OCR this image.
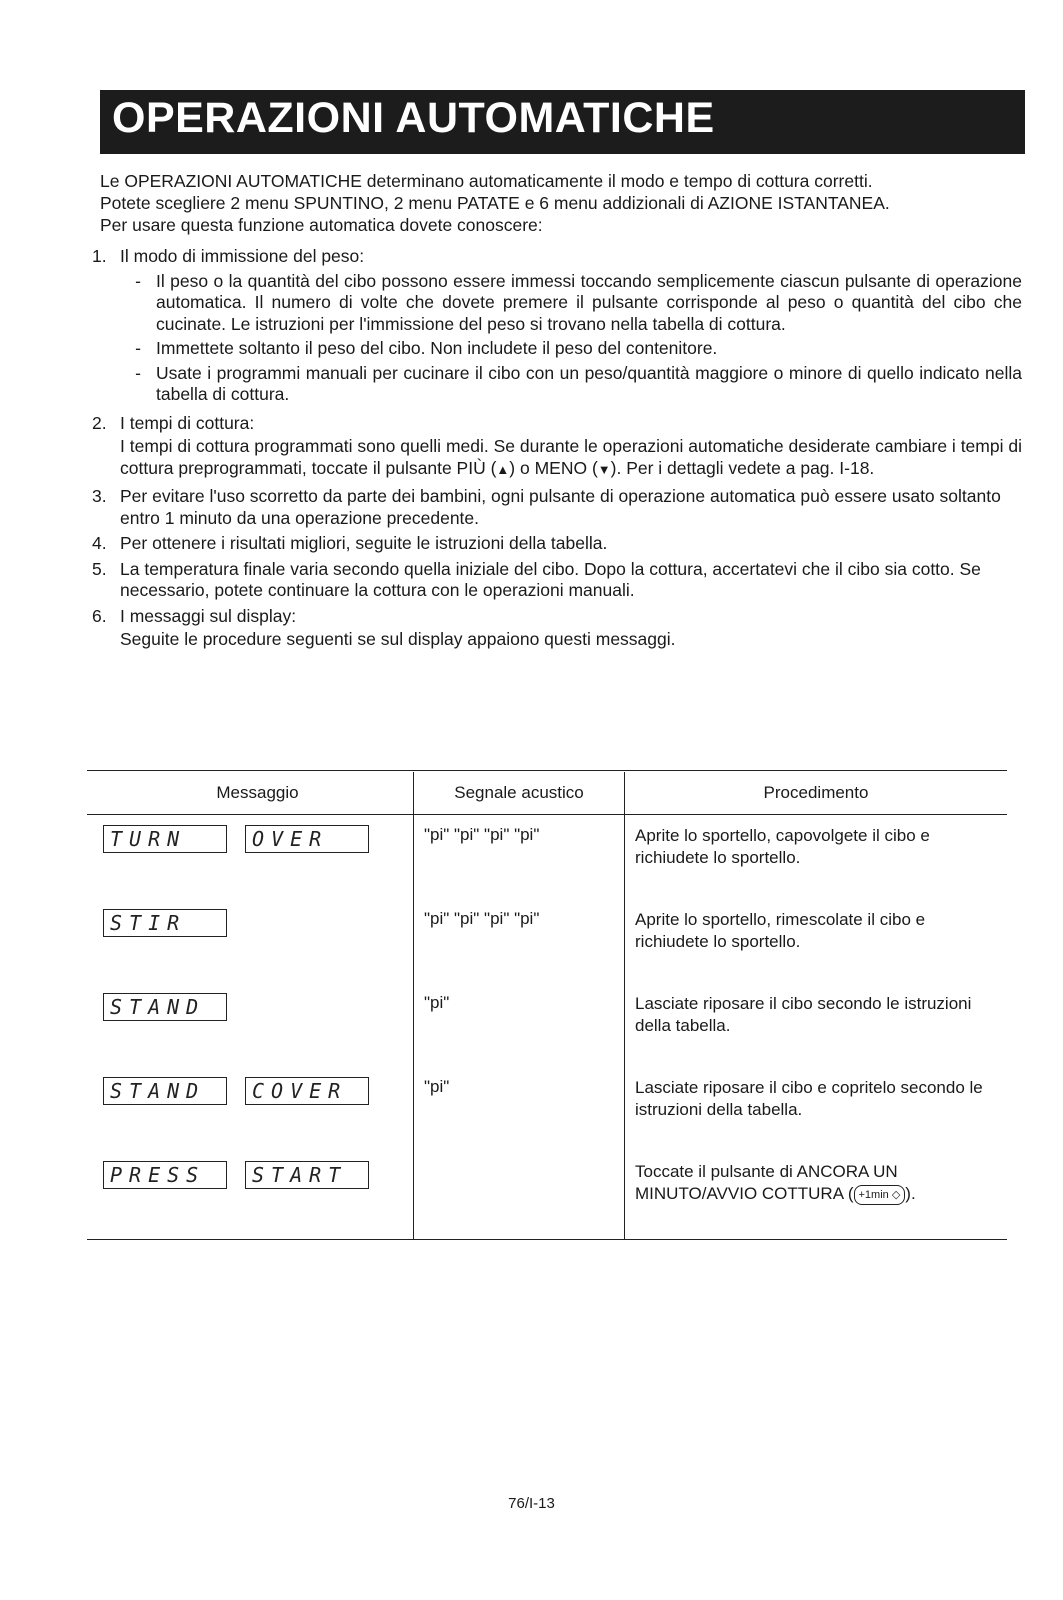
OPERAZIONI AUTOMATICHE

Le OPERAZIONI AUTOMATICHE determinano automaticamente il modo e tempo di cottura corretti.

Potete scegliere 2 menu SPUNTINO, 2 menu PATATE e 6 menu addizionali di AZIONE ISTANTANEA.

Per usare questa funzione automatica dovete conoscere:

1. Il modo di immissione del peso:
- Il peso o la quantità del cibo possono essere immessi toccando semplicemente ciascun pulsante di operazione automatica. Il numero di volte che dovete premere il pulsante corrisponde al peso o quantità del cibo che cucinate. Le istruzioni per l'immissione del peso si trovano nella tabella di cottura.
- Immettete soltanto il peso del cibo. Non includete il peso del contenitore.
- Usate i programmi manuali per cucinare il cibo con un peso/quantità maggiore o minore di quello indicato nella tabella di cottura.
2. I tempi di cottura:
I tempi di cottura programmati sono quelli medi. Se durante le operazioni automatiche desiderate cambiare i tempi di cottura preprogrammati, toccate il pulsante PIÙ (▲) o MENO (▼). Per i dettagli vedete a pag. I-18.
3. Per evitare l'uso scorretto da parte dei bambini, ogni pulsante di operazione automatica può essere usato soltanto entro 1 minuto da una operazione precedente.
4. Per ottenere i risultati migliori, seguite le istruzioni della tabella.
5. La temperatura finale varia secondo quella iniziale del cibo. Dopo la cottura, accertatevi che il cibo sia cotto. Se necessario, potete continuare la cottura con le operazioni manuali.
6. I messaggi sul display:
Seguite le procedure seguenti se sul display appaiono questi messaggi.
Messaggio	Segnale acustico	Procedimento
TURN OVER	"pi" "pi" "pi" "pi"	Aprite lo sportello, capovolgete il cibo e richiudete lo sportello.
STIR	"pi" "pi" "pi" "pi"	Aprite lo sportello, rimescolate il cibo e richiudete lo sportello.
STAND	"pi"	Lasciate riposare il cibo secondo le istruzioni della tabella.
STAND COVER	"pi"	Lasciate riposare il cibo e copritelo secondo le istruzioni della tabella.
PRESS START		Toccate il pulsante di ANCORA UN MINUTO/AVVIO COTTURA ( +1min ◇ ).
76/I-13
